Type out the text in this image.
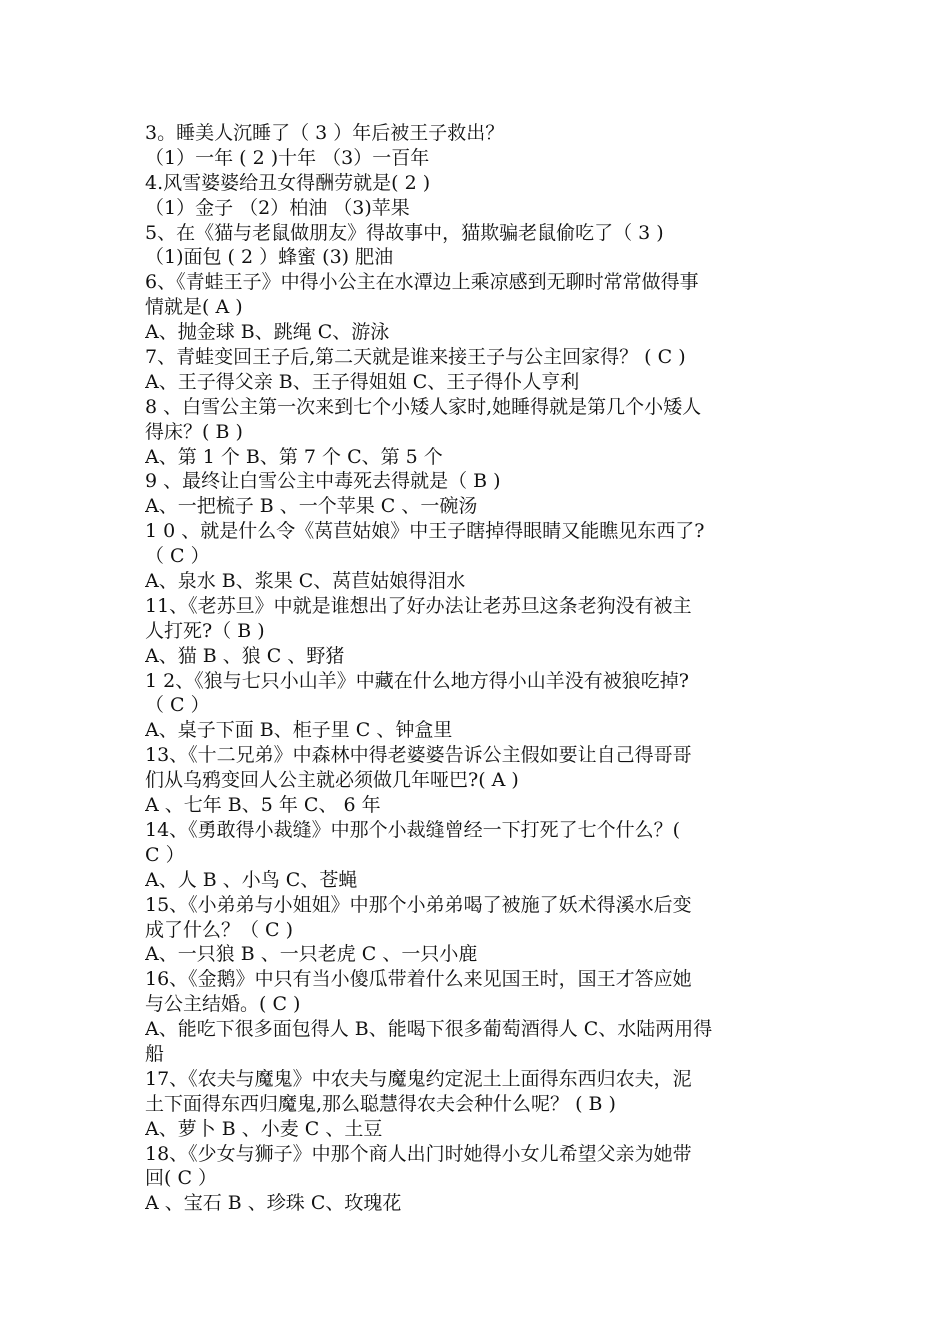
3。睡美人沉睡了（ 3 ）年后被王子救出？
（1）一年 ( 2 )十年 （3）一百年
4.风雪婆婆给丑女得酬劳就是( 2 )
（1）金子 （2）柏油 （3)苹果
5、在《猫与老鼠做朋友》得故事中，猫欺骗老鼠偷吃了（ 3 )
（1)面包 ( 2 ）蜂蜜 (3) 肥油
6、《青蛙王子》中得小公主在水潭边上乘凉感到无聊时常常做得事
情就是( A )
A、抛金球 B、跳绳 C、游泳
7、青蛙变回王子后,第二天就是谁来接王子与公主回家得？ ( C )
A、王子得父亲 B、王子得姐姐 C、王子得仆人亨利
8 、白雪公主第一次来到七个小矮人家时,她睡得就是第几个小矮人
得床？( B )
A、第 1 个 B、第 7 个 C、第 5 个
9 、最终让白雪公主中毒死去得就是（ B )
A、一把梳子 B 、一个苹果 C 、一碗汤
1 0 、就是什么令《莴苣姑娘》中王子瞎掉得眼睛又能瞧见东西了?
（ C ）
A、泉水 B、浆果 C、莴苣姑娘得泪水
11、《老苏旦》中就是谁想出了好办法让老苏旦这条老狗没有被主
人打死?（ B )
A、猫 B 、狼 C 、野猪
1 2、《狼与七只小山羊》中藏在什么地方得小山羊没有被狼吃掉?
（ C ）
A、桌子下面 B、柜子里 C 、钟盒里
13、《十二兄弟》中森林中得老婆婆告诉公主假如要让自己得哥哥
们从乌鸦变回人公主就必须做几年哑巴?( A )
A 、七年 B、5 年 C、 6 年
14、《勇敢得小裁缝》中那个小裁缝曾经一下打死了七个什么？(
C ）
A、人 B 、小鸟 C、苍蝇
15、《小弟弟与小姐姐》中那个小弟弟喝了被施了妖术得溪水后变
成了什么？（ C )
A、一只狼 B 、一只老虎 C 、一只小鹿
16、《金鹅》中只有当小傻瓜带着什么来见国王时，国王才答应她
与公主结婚。( C )
A、能吃下很多面包得人 B、能喝下很多葡萄酒得人 C、水陆两用得
船
17、《农夫与魔鬼》中农夫与魔鬼约定泥土上面得东西归农夫，泥
土下面得东西归魔鬼,那么聪慧得农夫会种什么呢？ ( B )
A、萝卜 B 、小麦 C 、土豆
18、《少女与狮子》中那个商人出门时她得小女儿希望父亲为她带
回( C ）
A 、宝石 B 、珍珠 C、玫瑰花
